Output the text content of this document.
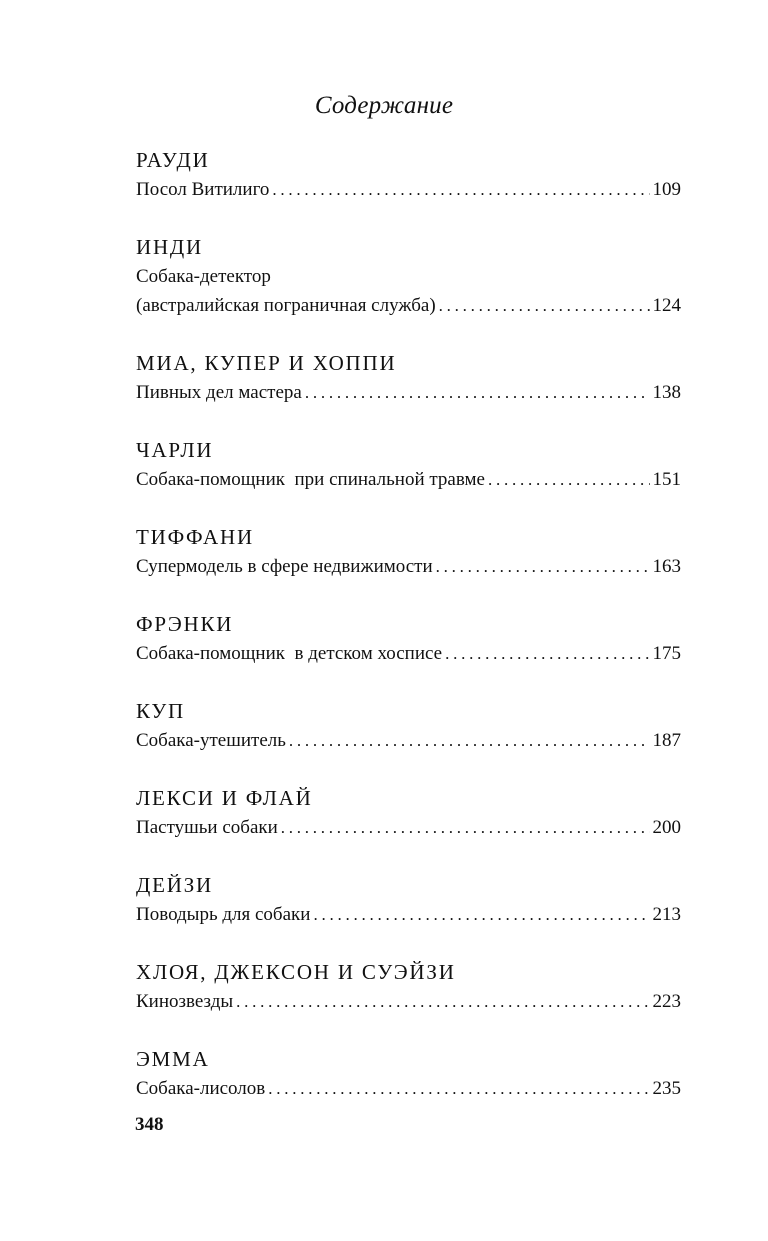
Содержание
РАУДИ
Посол Витилиго . . .	109
ИНДИ
Собака-детектор
(австралийская пограничная служба) . . .	124
МИА, КУПЕР И ХОППИ
Пивных дел мастера . . .	138
ЧАРЛИ
Собака-помощник  при спинальной травме . . .	151
ТИФФАНИ
Супермодель в сфере недвижимости . . .	163
ФРЭНКИ
Собака-помощник  в детском хосписе . . .	175
КУП
Собака-утешитель . . .	187
ЛЕКСИ И ФЛАЙ
Пастушьи собаки . . .	200
ДЕЙЗИ
Поводырь для собаки . . .	213
ХЛОЯ, ДЖЕКСОН И СУЭЙЗИ
Кинозвезды . . .	223
ЭММА
Собака-лисолов . . .	235
348
